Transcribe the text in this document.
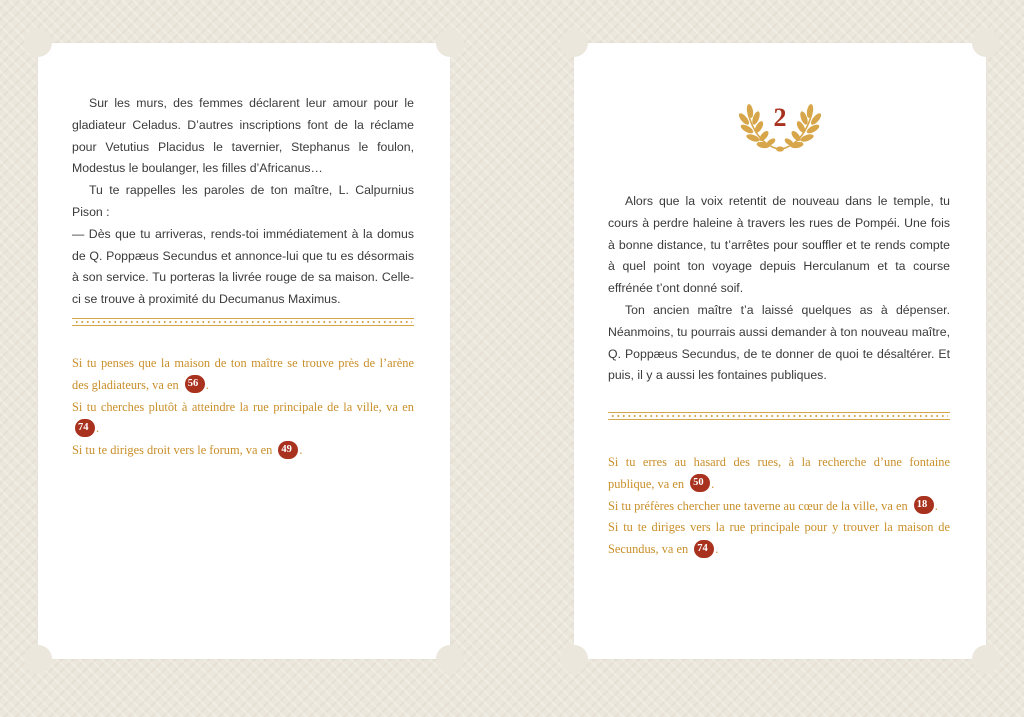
Sur les murs, des femmes déclarent leur amour pour le gladiateur Celadus. D’autres inscriptions font de la réclame pour Vetutius Placidus le tavernier, Stephanus le foulon, Modestus le boulanger, les filles d’Africanus…

Tu te rappelles les paroles de ton maître, L. Calpurnius Pison :

— Dès que tu arriveras, rends-toi immédiatement à la domus de Q. Poppæus Secundus et annonce-lui que tu es désormais à son service. Tu porteras la livrée rouge de sa maison. Celle-ci se trouve à proximité du Decumanus Maximus.

Si tu penses que la maison de ton maître se trouve près de l’arène des gladiateurs, va en 56 .
Si tu cherches plutôt à atteindre la rue principale de la ville, va en 74 .
Si tu te diriges droit vers le forum, va en 49 .
2

Alors que la voix retentit de nouveau dans le temple, tu cours à perdre haleine à travers les rues de Pompéi. Une fois à bonne distance, tu t’arrêtes pour souffler et te rends compte à quel point ton voyage depuis Herculanum et ta course effrénée t’ont donné soif.

Ton ancien maître t’a laissé quelques as à dépenser. Néanmoins, tu pourrais aussi demander à ton nouveau maître, Q. Poppæus Secundus, de te donner de quoi te désaltérer. Et puis, il y a aussi les fontaines publiques.

Si tu erres au hasard des rues, à la recherche d’une fontaine publique, va en 50 .
Si tu préfères chercher une taverne au cœur de la ville, va en 18 .
Si tu te diriges vers la rue principale pour y trouver la maison de Secundus, va en 74 .
